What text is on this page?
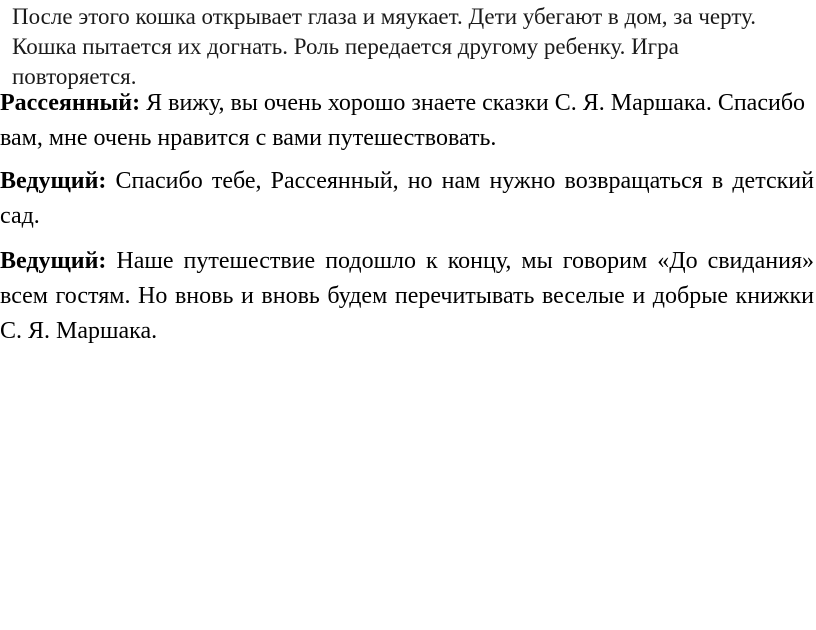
После этого кошка открывает глаза и мяукает. Дети убегают в дом, за черту. Кошка пытается их догнать. Роль передается другому ребенку. Игра повторяется.

Рассеянный: Я вижу, вы очень хорошо знаете сказки С. Я. Маршака. Спасибо вам, мне очень нравится с вами путешествовать.

Ведущий: Спасибо тебе, Рассеянный, но нам нужно возвращаться в детский сад.

Ведущий: Наше путешествие подошло к концу, мы говорим «До свидания» всем гостям. Но вновь и вновь будем перечитывать веселые и добрые книжки С. Я. Маршака.
